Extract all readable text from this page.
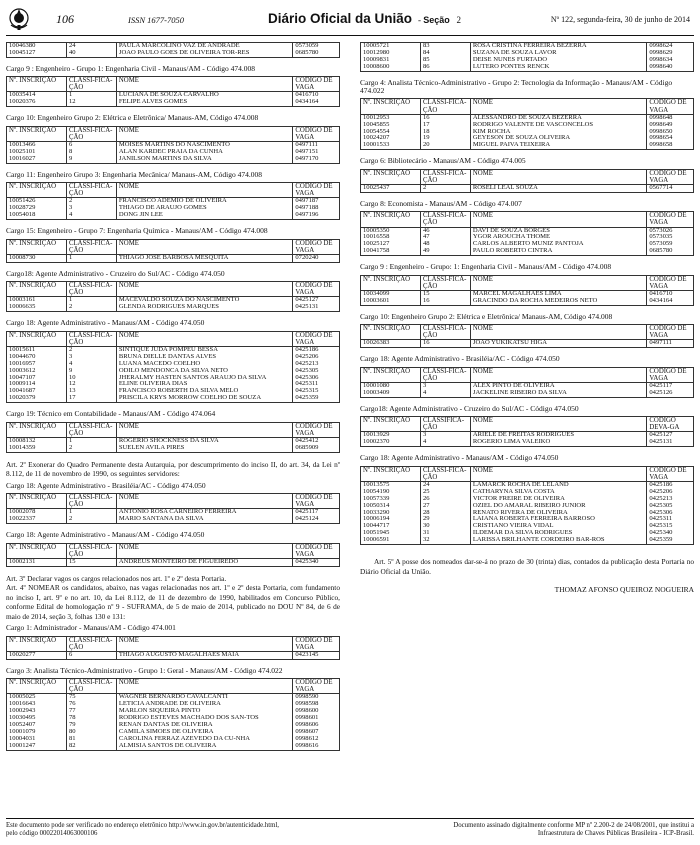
106	ISSN 1677-7050	Diário Oficial da União - Seção 2	Nº 122, segunda-feira, 30 de junho de 2014
10046380	24	PAULA MARCOLINO VAZ DE ANDRADE	0573059
10045127	40	JOAO PAULO GOES DE OLIVEIRA TOR-RES	0685780
Cargo 9 : Engenheiro - Grupo 1: Engenharia Civil - Manaus/AM - Código 474.008
Nº. INSCRIÇÃO	CLASSI-FICA-ÇÃO	NOME	CÓDIGO DE VAGA
10035414	1	LUCIANA DE SOUZA CARVALHO	0416710
10020376	12	FELIPE ALVES GOMES	0434164
Cargo 10: Engenheiro Grupo 2: Elétrica e Eletrônica/ Manaus-AM, Código 474.008
Nº. INSCRIÇÃO	CLASSI-FICA-ÇÃO	NOME	CÓDIGO DE VAGA
10013466	6	MOISES MARTINS DO NASCIMENTO	0497111
10025101	8	ALAN KARDEC PRAIA DA CUNHA	0497151
10016027	9	JANILSON MARTINS DA SILVA	0497170
Cargo 11: Engenheiro Grupo 3: Engenharia Mecânica/ Manaus-AM, Código 474.008
Nº. INSCRIÇÃO	CLASSI-FICA-ÇÃO	NOME	CÓDIGO DE VAGA
10051426	2	FRANCISCO ADEMIO DE OLIVEIRA	0497187
10028729	3	THIAGO DE ARAUJO GOMES	0497188
10054018	4	DONG JIN LEE	0497196
Cargo 15: Engenheiro - Grupo 7: Engenharia Química - Manaus/AM - Código 474.008
Nº. INSCRIÇÃO	CLASSI-FICA-ÇÃO	NOME	CÓDIGO DE VAGA
10008730	1	THIAGO JOSE BARBOSA MESQUITA	0720240
Cargo18: Agente Administrativo - Cruzeiro do Sul/AC - Código 474.050
Nº. INSCRIÇÃO	CLASSI-FICA-ÇÃO	NOME	CÓDIGO DE VAGA
10003161	1	MACEVALDO SOUZA DO NASCIMENTO	0425127
10006635	2	GLENDA RODRIGUES MARQUES	0425131
Cargo 18: Agente Administrativo - Manaus/AM - Código 474.050
Nº. INSCRIÇÃO	CLASSI-FICA-ÇÃO	NOME	CÓDIGO DE VAGA
10015611	2	SINTIQUE JUDA POMPEU BESSA	0425186
10044670	3	BRUNA DIELLE DANTAS ALVES	0425206
10016957	4	LUANA MACEDO COELHO	0425213
10003612	9	ODILO MENDONCA DA SILVA NETO	0425305
10047107	10	JHERALMY HASTEN SANTOS ARAUJO DA SILVA	0425306
10009114	12	ELINE OLIVEIRA DIAS	0425311
10041687	13	FRANCISCO ROBERTH DA SILVA MELO	0425315
10020379	17	PRISCILA KRYS MORROW COELHO DE SOUZA	0425359
Cargo 19: Técnico em Contabilidade - Manaus/AM - Código 474.064
Nº. INSCRIÇÃO	CLASSI-FICA-ÇÃO	NOME	CÓDIGO DE VAGA
10008132	1	ROGERIO SHOCKNESS DA SILVA	0425412
10014359	2	SUELEN AVILA PIRES	0685909

Art. 2º Exonerar do Quadro Permanente desta Autarquia, por descumprimento do inciso II, do art. 34, da Lei nº 8.112, de 11 de novembro de 1990, os seguintes servidores:

Cargo 18: Agente Administrativo - Brasiléia/AC - Código 474.050
Nº. INSCRIÇÃO	CLASSI-FICA-ÇÃO	NOME	CÓDIGO DE VAGA
10002078	1	ANTONIO ROSA CARNEIRO FERREIRA	0425117
10022337	2	MARIO SANTANA DA SILVA	0425124
Cargo 18: Agente Administrativo - Manaus/AM - Código 474.050
Nº. INSCRIÇÃO	CLASSI-FICA-ÇÃO	NOME	CÓDIGO DE VAGA
10002131	15	ANDREUS MONTEIRO DE FIGUEIREDO	0425340

Art. 3º Declarar vagos os cargos relacionados nos art. 1º e 2º desta Portaria.

Art. 4º NOMEAR os candidatos, abaixo, nas vagas relacionadas nos art. 1º e 2º desta Portaria, com fundamento no inciso I, art. 9º e no art. 10, da Lei 8.112, de 11 de dezembro de 1990, habilitados em Concurso Público, conforme Edital de homologação nº 9 - SUFRAMA, de 5 de maio de 2014, publicado no DOU Nº 84, de 6 de maio de 2014, seção 3, folhas 130 e 131:

Cargo 1: Administrador - Manaus/AM - Código 474.001
Nº. INSCRIÇÃO	CLASSI-FICA-ÇÃO	NOME	CÓDIGO DE VAGA
10020277	6	THIAGO AUGUSTO MAGALHAES MAIA	0423145
Cargo 3: Analista Técnico-Administrativo - Grupo 1: Geral - Manaus/AM - Código 474.022
Nº. INSCRIÇÃO	CLASSI-FICA-ÇÃO	NOME	CÓDIGO DE VAGA
10005025	75	WAGNER BERNARDO CAVALCANTI	0998590
10016643	76	LETICIA ANDRADE DE OLIVEIRA	0998598
10002943	77	MARLON SIQUEIRA PINTO	0998600
10030495	78	RODRIGO ESTEVES MACHADO DOS SAN-TOS	0998601
10052407	79	RENAN DANTAS DE OLIVEIRA	0998606
10001079	80	CAMILA SIMOES DE OLIVEIRA	0998607
10004031	81	CAROLINA FERRAZ AZEVEDO DA CU-NHA	0998612
10001247	82	ALMISIA SANTOS DE OLIVEIRA	0998616
10005721	83	ROSA CRISTINA FERREIRA BEZERRA	0998624
10012980	84	SUZANA DE SOUZA LAVOR	0998629
10009831	85	DEISE NUNES FURTADO	0998634
10008600	86	LUTERO PONTES RENCK	0998640
Cargo 4: Analista Técnico-Administrativo - Grupo 2: Tecnologia da Informação - Manaus/AM - Código 474.022
Nº. INSCRIÇÃO	CLASSI-FICA-ÇÃO	NOME	CÓDIGO DE VAGA
10012953	16	ALESSANDRO DE SOUZA BEZERRA	0998648
10045855	17	RODRIGO VALENTE DE VASCONCELOS	0998649
10054554	18	KIM ROCHA	0998650
10024207	19	GEYESON DE SOUZA OLIVEIRA	0998654
10001533	20	MIGUEL PAIVA TEIXEIRA	0998658
Cargo 6: Bibliotecário - Manaus/AM - Código 474.005
Nº. INSCRIÇÃO	CLASSI-FICA-ÇÃO	NOME	CÓDIGO DE VAGA
10025437	2	ROSELI LEAL SOUZA	0567714
Cargo 8: Economista - Manaus/AM - Código 474.007
Nº. INSCRIÇÃO	CLASSI-FICA-ÇÃO	NOME	CÓDIGO DE VAGA
10005350	46	DAVI DE SOUZA BORGES	0573026
10016558	47	YGOR AROUCHA THOME	0573035
10025127	48	CARLOS ALBERTO MUNIZ PANTOJA	0573059
10041758	49	PAULO ROBERTO CINTRA	0685780
Cargo 9 : Engenheiro - Grupo: 1: Engenharia Civil - Manaus/AM - Código 474.008
Nº. INSCRIÇÃO	CLASSI-FICA-ÇÃO	NOME	CÓDIGO DE VAGA
10034099	15	MARCEL MAGALHAES LIMA	0416710
10003601	16	GRACINDO DA ROCHA MEDEIROS NETO	0434164
Cargo 10: Engenheiro Grupo 2: Elétrica e Eletrônica/ Manaus-AM, Código 474.008
Nº. INSCRIÇÃO	CLASSI-FICA-ÇÃO	NOME	CÓDIGO DE VAGA
10026383	16	JOAO YUKIKATSU HIGA	0497111
Cargo 18: Agente Administrativo - Brasiléia/AC - Código 474.050
Nº. INSCRIÇÃO	CLASSI-FICA-ÇÃO	NOME	CÓDIGO DE VAGA
10001080	3	ALEX PINTO DE OLIVEIRA	0425117
10003409	4	JACKELINE RIBEIRO DA SILVA	0425126
Cargo18: Agente Administrativo - Cruzeiro do Sul/AC - Código 474.050
Nº. INSCRIÇÃO	CLASSIFICA-ÇÃO	NOME	CÓDIGO DEVA-GA
10013929	3	ARIELE DE FREITAS RODRIGUES	0425127
10002370	4	ROGERIO LIMA VALEIKO	0425131
Cargo 18: Agente Administrativo - Manaus/AM - Código 474.050
Nº. INSCRIÇÃO	CLASSI-FICA-ÇÃO	NOME	CÓDIGO DE VAGA
10013575	24	LAMARCK ROCHA DE LELAND	0425186
10054190	25	CATHARYNA SILVA COSTA	0425206
10057339	26	VICTOR FREIRE DE OLIVEIRA	0425213
10050314	27	OZIEL DO AMARAL RIBEIRO JUNIOR	0425305
10033290	28	RENATO RIVERA DE OLIVEIRA	0425306
10006194	29	LAIANA ROBERTA FERREIRA BARROSO	0425311
10044717	30	CRISTIANO VIEIRA VIDAL	0425315
10051945	31	ILDEMAR DA SILVA RODRIGUES	0425340
10006591	32	LARISSA BRILHANTE CORDEIRO BAR-ROS	0425359

Art. 5º A posse dos nomeados dar-se-á no prazo de 30 (trinta) dias, contados da publicação desta Portaria no Diário Oficial da União.

THOMAZ AFONSO QUEIROZ NOGUEIRA
Este documento pode ser verificado no endereço eletrônico http://www.in.gov.br/autenticidade.html,
pelo código 00022014063000106
Documento assinado digitalmente conforme MP nº 2.200-2 de 24/08/2001, que institui a
Infraestrutura de Chaves Públicas Brasileira - ICP-Brasil.
